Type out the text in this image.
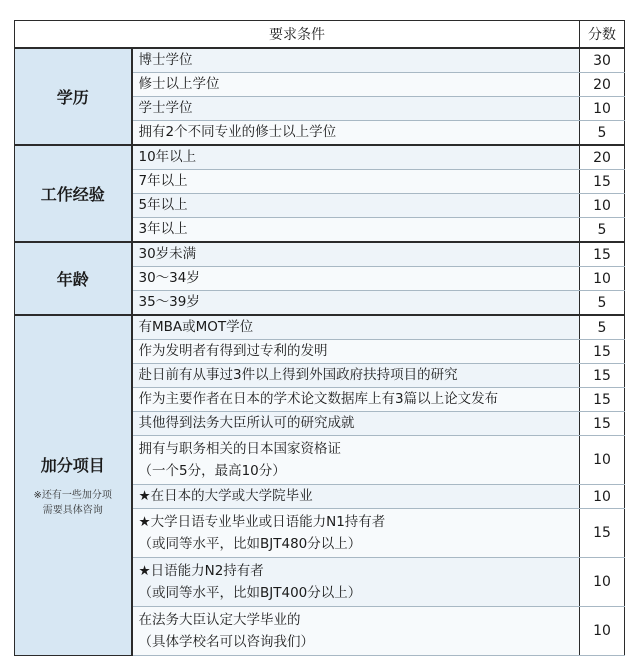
要求条件		分数

学历	博士学位	30

	修士以上学位	20

	学士学位	10

	拥有2个不同专业的修士以上学位	5

工作经验	10年以上	20

	7年以上	15

	5年以上	10

	3年以上	5

年龄	30岁未满	15

	30～34岁	10

	35～39岁	5

加分项目
※还有一些加分项
需要具体咨询	有MBA或MOT学位	5

	作为发明者有得到过专利的发明	15

	赴日前有从事过3件以上得到外国政府扶持项目的研究	15

	作为主要作者在日本的学术论文数据库上有3篇以上论文发布	15

	其他得到法务大臣所认可的研究成就	15

	拥有与职务相关的日本国家资格证
（一个5分，最高10分）	10

	★在日本的大学或大学院毕业	10

	★大学日语专业毕业或日语能力N1持有者
（或同等水平，比如BJT480分以上）	15

	★日语能力N2持有者
（或同等水平，比如BJT400分以上）	10

	在法务大臣认定大学毕业的
（具体学校名可以咨询我们）	10
